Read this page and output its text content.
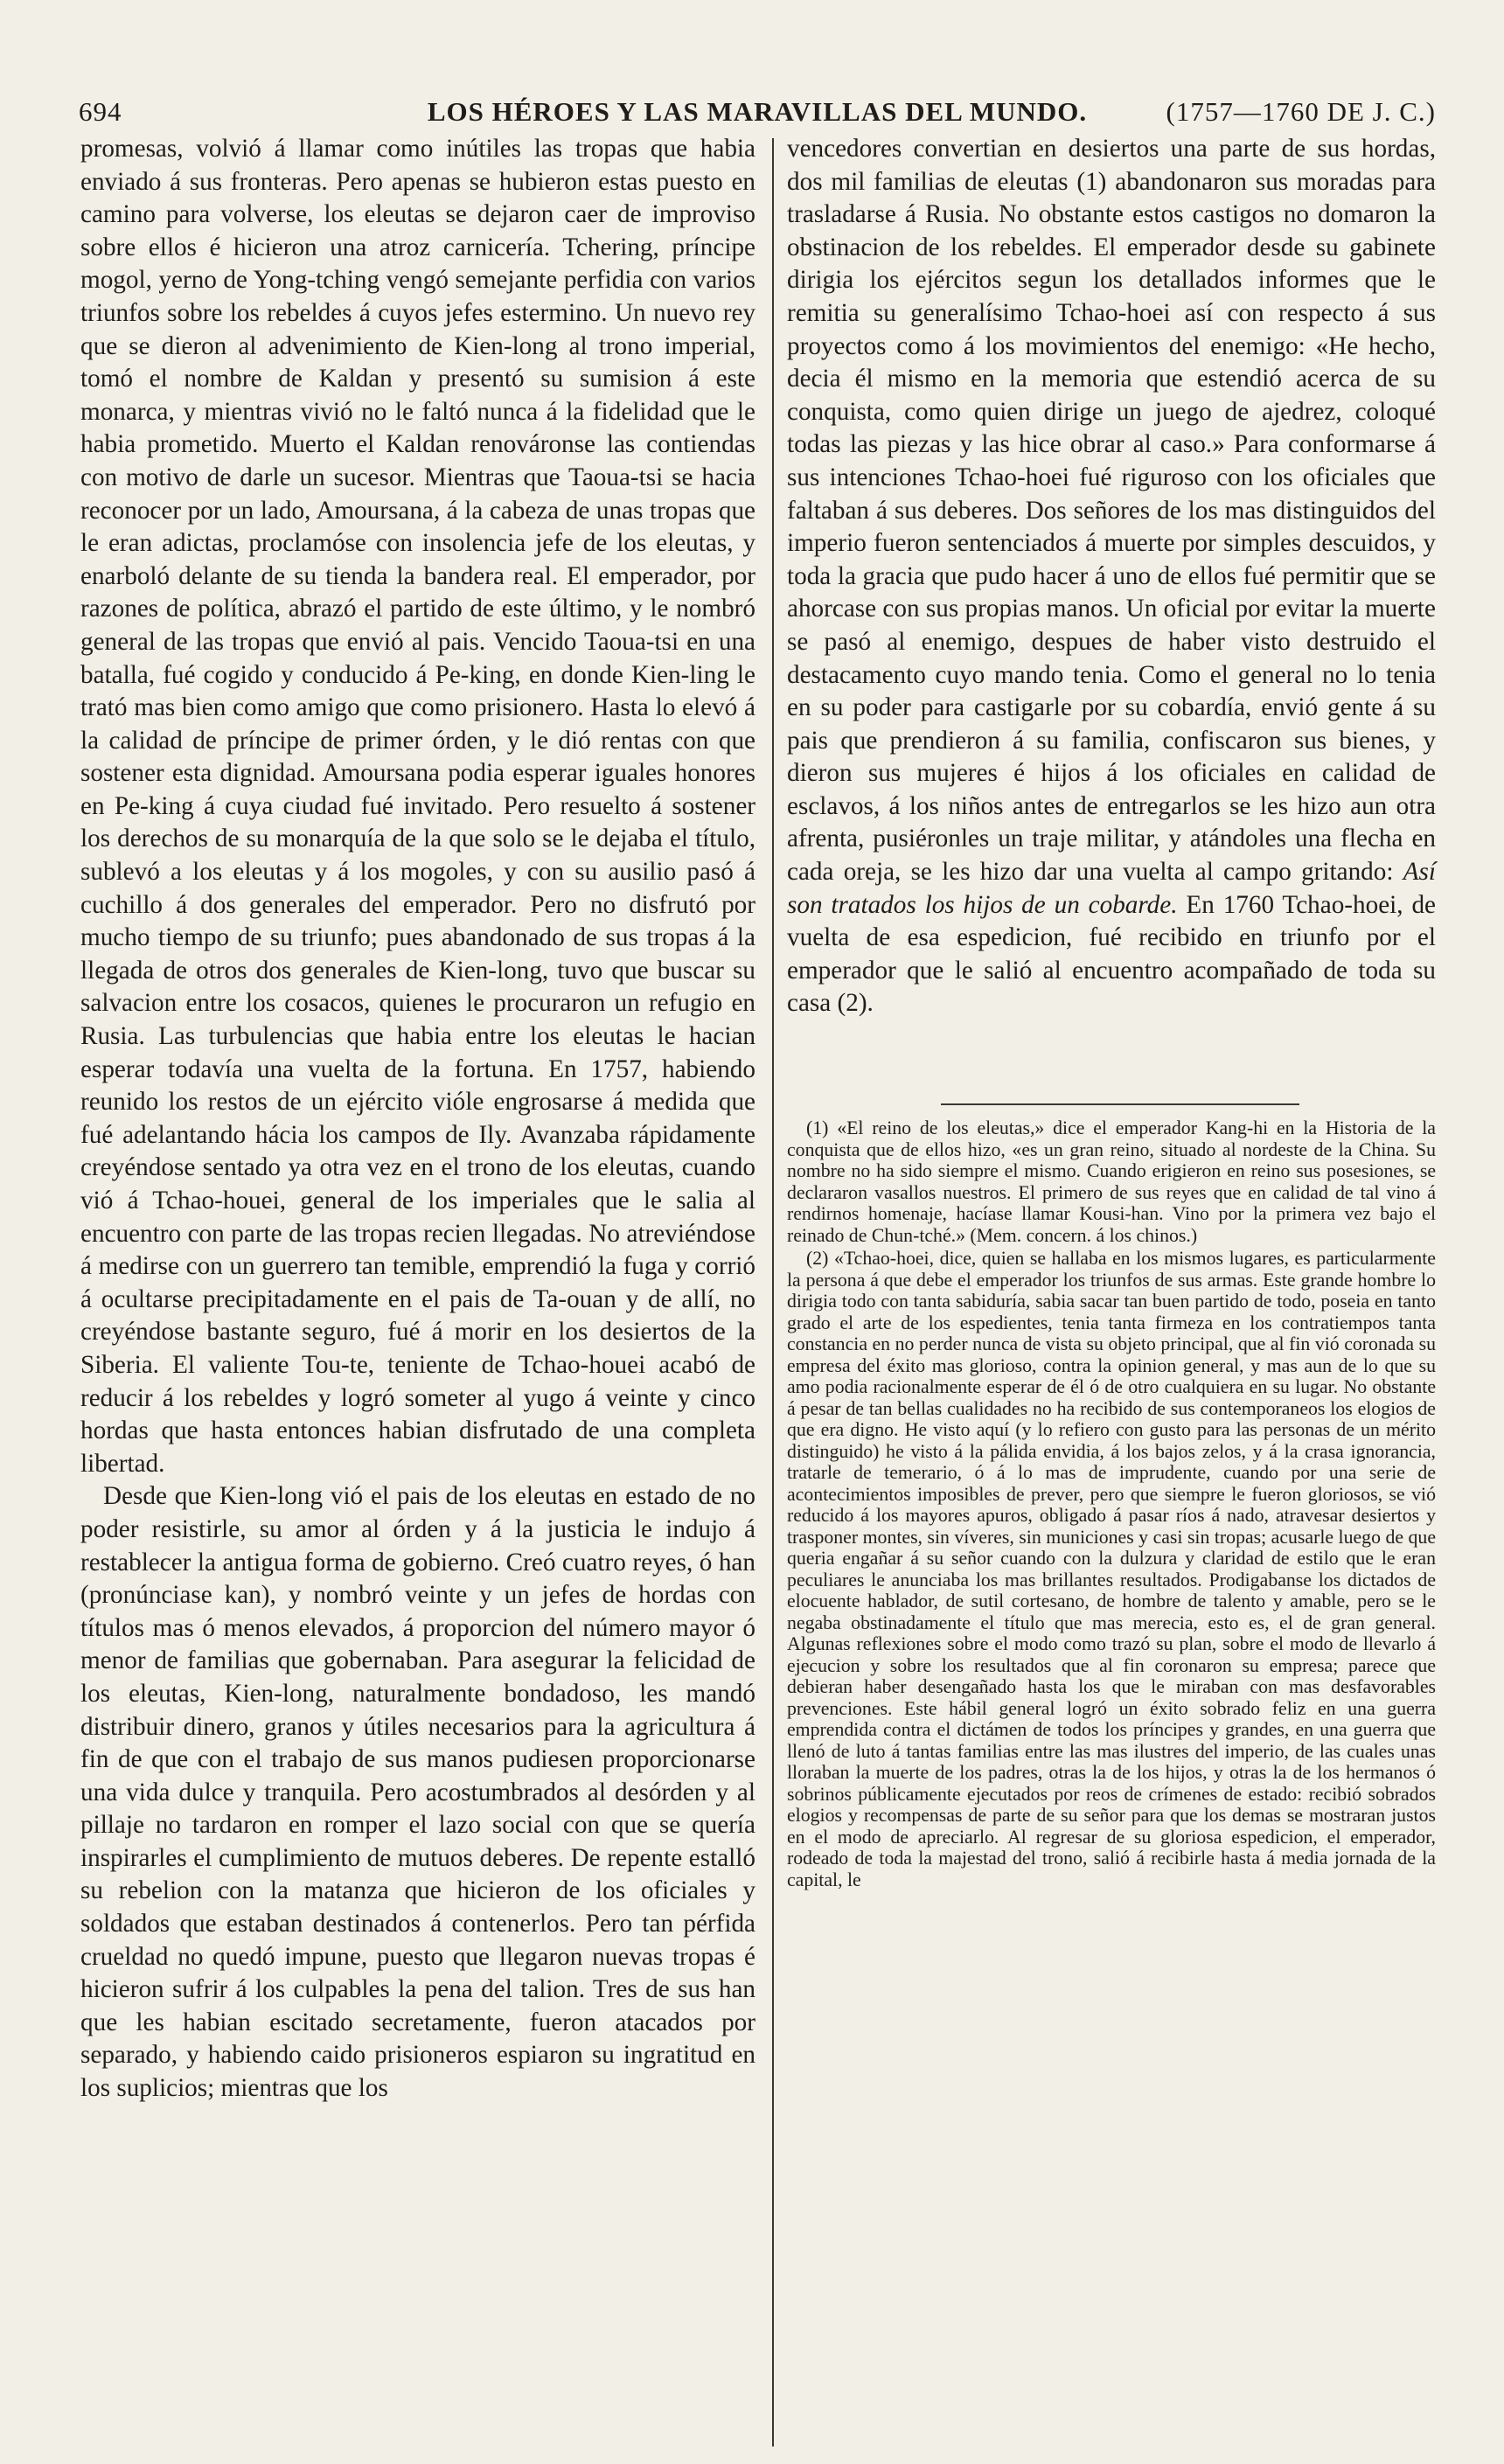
694	LOS HÉROES Y LAS MARAVILLAS DEL MUNDO.	(1757—1760 DE J. C.)

promesas, volvió á llamar como inútiles las tropas que habia enviado á sus fronteras. Pero apenas se hubieron estas puesto en camino para volverse, los eleutas se dejaron caer de improviso sobre ellos é hicieron una atroz carnicería. Tchering, príncipe mogol, yerno de Yong-tching vengó semejante perfidia con varios triunfos sobre los rebeldes á cuyos jefes estermino. Un nuevo rey que se dieron al advenimiento de Kien-long al trono imperial, tomó el nombre de Kaldan y presentó su sumision á este monarca, y mientras vivió no le faltó nunca á la fidelidad que le habia prometido. Muerto el Kaldan renováronse las contiendas con motivo de darle un sucesor. Mientras que Taoua-tsi se hacia reconocer por un lado, Amoursana, á la cabeza de unas tropas que le eran adictas, proclamóse con insolencia jefe de los eleutas, y enarboló delante de su tienda la bandera real. El emperador, por razones de política, abrazó el partido de este último, y le nombró general de las tropas que envió al pais. Vencido Taoua-tsi en una batalla, fué cogido y conducido á Pe-king, en donde Kien-ling le trató mas bien como amigo que como prisionero. Hasta lo elevó á la calidad de príncipe de primer órden, y le dió rentas con que sostener esta dignidad. Amoursana podia esperar iguales honores en Pe-king á cuya ciudad fué invitado. Pero resuelto á sostener los derechos de su monarquía de la que solo se le dejaba el título, sublevó a los eleutas y á los mogoles, y con su ausilio pasó á cuchillo á dos generales del emperador. Pero no disfrutó por mucho tiempo de su triunfo; pues abandonado de sus tropas á la llegada de otros dos generales de Kien-long, tuvo que buscar su salvacion entre los cosacos, quienes le procuraron un refugio en Rusia. Las turbulencias que habia entre los eleutas le hacian esperar todavía una vuelta de la fortuna. En 1757, habiendo reunido los restos de un ejército vióle engrosarse á medida que fué adelantando hácia los campos de Ily. Avanzaba rápidamente creyéndose sentado ya otra vez en el trono de los eleutas, cuando vió á Tchao-houei, general de los imperiales que le salia al encuentro con parte de las tropas recien llegadas. No atreviéndose á medirse con un guerrero tan temible, emprendió la fuga y corrió á ocultarse precipitadamente en el pais de Ta-ouan y de allí, no creyéndose bastante seguro, fué á morir en los desiertos de la Siberia. El valiente Tou-te, teniente de Tchao-houei acabó de reducir á los rebeldes y logró someter al yugo á veinte y cinco hordas que hasta entonces habian disfrutado de una completa libertad.

Desde que Kien-long vió el pais de los eleutas en estado de no poder resistirle, su amor al órden y á la justicia le indujo á restablecer la antigua forma de gobierno. Creó cuatro reyes, ó han (pronúnciase kan), y nombró veinte y un jefes de hordas con títulos mas ó menos elevados, á proporcion del número mayor ó menor de familias que gobernaban. Para asegurar la felicidad de los eleutas, Kien-long, naturalmente bondadoso, les mandó distribuir dinero, granos y útiles necesarios para la agricultura á fin de que con el trabajo de sus manos pudiesen proporcionarse una vida dulce y tranquila. Pero acostumbrados al desórden y al pillaje no tardaron en romper el lazo social con que se quería inspirarles el cumplimiento de mutuos deberes. De repente estalló su rebelion con la matanza que hicieron de los oficiales y soldados que estaban destinados á contenerlos. Pero tan pérfida crueldad no quedó impune, puesto que llegaron nuevas tropas é hicieron sufrir á los culpables la pena del talion. Tres de sus han que les habian escitado secretamente, fueron atacados por separado, y habiendo caido prisioneros espiaron su ingratitud en los suplicios; mientras que los

vencedores convertian en desiertos una parte de sus hordas, dos mil familias de eleutas (1) abandonaron sus moradas para trasladarse á Rusia. No obstante estos castigos no domaron la obstinacion de los rebeldes. El emperador desde su gabinete dirigia los ejércitos segun los detallados informes que le remitia su generalísimo Tchao-hoei así con respecto á sus proyectos como á los movimientos del enemigo: «He hecho, decia él mismo en la memoria que estendió acerca de su conquista, como quien dirige un juego de ajedrez, coloqué todas las piezas y las hice obrar al caso.» Para conformarse á sus intenciones Tchao-hoei fué riguroso con los oficiales que faltaban á sus deberes. Dos señores de los mas distinguidos del imperio fueron sentenciados á muerte por simples descuidos, y toda la gracia que pudo hacer á uno de ellos fué permitir que se ahorcase con sus propias manos. Un oficial por evitar la muerte se pasó al enemigo, despues de haber visto destruido el destacamento cuyo mando tenia. Como el general no lo tenia en su poder para castigarle por su cobardía, envió gente á su pais que prendieron á su familia, confiscaron sus bienes, y dieron sus mujeres é hijos á los oficiales en calidad de esclavos, á los niños antes de entregarlos se les hizo aun otra afrenta, pusiéronles un traje militar, y atándoles una flecha en cada oreja, se les hizo dar una vuelta al campo gritando: Así son tratados los hijos de un cobarde. En 1760 Tchao-hoei, de vuelta de esa espedicion, fué recibido en triunfo por el emperador que le salió al encuentro acompañado de toda su casa (2).

(1) «El reino de los eleutas,» dice el emperador Kang-hi en la Historia de la conquista que de ellos hizo, «es un gran reino, situado al nordeste de la China. Su nombre no ha sido siempre el mismo. Cuando erigieron en reino sus posesiones, se declararon vasallos nuestros. El primero de sus reyes que en calidad de tal vino á rendirnos homenaje, hacíase llamar Kousi-han. Vino por la primera vez bajo el reinado de Chun-tché.» (Mem. concern. á los chinos.)

(2) «Tchao-hoei, dice, quien se hallaba en los mismos lugares, es particularmente la persona á que debe el emperador los triunfos de sus armas. Este grande hombre lo dirigia todo con tanta sabiduría, sabia sacar tan buen partido de todo, poseia en tanto grado el arte de los espedientes, tenia tanta firmeza en los contratiempos tanta constancia en no perder nunca de vista su objeto principal, que al fin vió coronada su empresa del éxito mas glorioso, contra la opinion general, y mas aun de lo que su amo podia racionalmente esperar de él ó de otro cualquiera en su lugar. No obstante á pesar de tan bellas cualidades no ha recibido de sus contemporaneos los elogios de que era digno. He visto aquí (y lo refiero con gusto para las personas de un mérito distinguido) he visto á la pálida envidia, á los bajos zelos, y á la crasa ignorancia, tratarle de temerario, ó á lo mas de imprudente, cuando por una serie de acontecimientos imposibles de prever, pero que siempre le fueron gloriosos, se vió reducido á los mayores apuros, obligado á pasar ríos á nado, atravesar desiertos y trasponer montes, sin víveres, sin municiones y casi sin tropas; acusarle luego de que queria engañar á su señor cuando con la dulzura y claridad de estilo que le eran peculiares le anunciaba los mas brillantes resultados. Prodigabanse los dictados de elocuente hablador, de sutil cortesano, de hombre de talento y amable, pero se le negaba obstinadamente el título que mas merecia, esto es, el de gran general. Algunas reflexiones sobre el modo como trazó su plan, sobre el modo de llevarlo á ejecucion y sobre los resultados que al fin coronaron su empresa; parece que debieran haber desengañado hasta los que le miraban con mas desfavorables prevenciones. Este hábil general logró un éxito sobrado feliz en una guerra emprendida contra el dictámen de todos los príncipes y grandes, en una guerra que llenó de luto á tantas familias entre las mas ilustres del imperio, de las cuales unas lloraban la muerte de los padres, otras la de los hijos, y otras la de los hermanos ó sobrinos públicamente ejecutados por reos de crímenes de estado: recibió sobrados elogios y recompensas de parte de su señor para que los demas se mostraran justos en el modo de apreciarlo. Al regresar de su gloriosa espedicion, el emperador, rodeado de toda la majestad del trono, salió á recibirle hasta á media jornada de la capital, le
